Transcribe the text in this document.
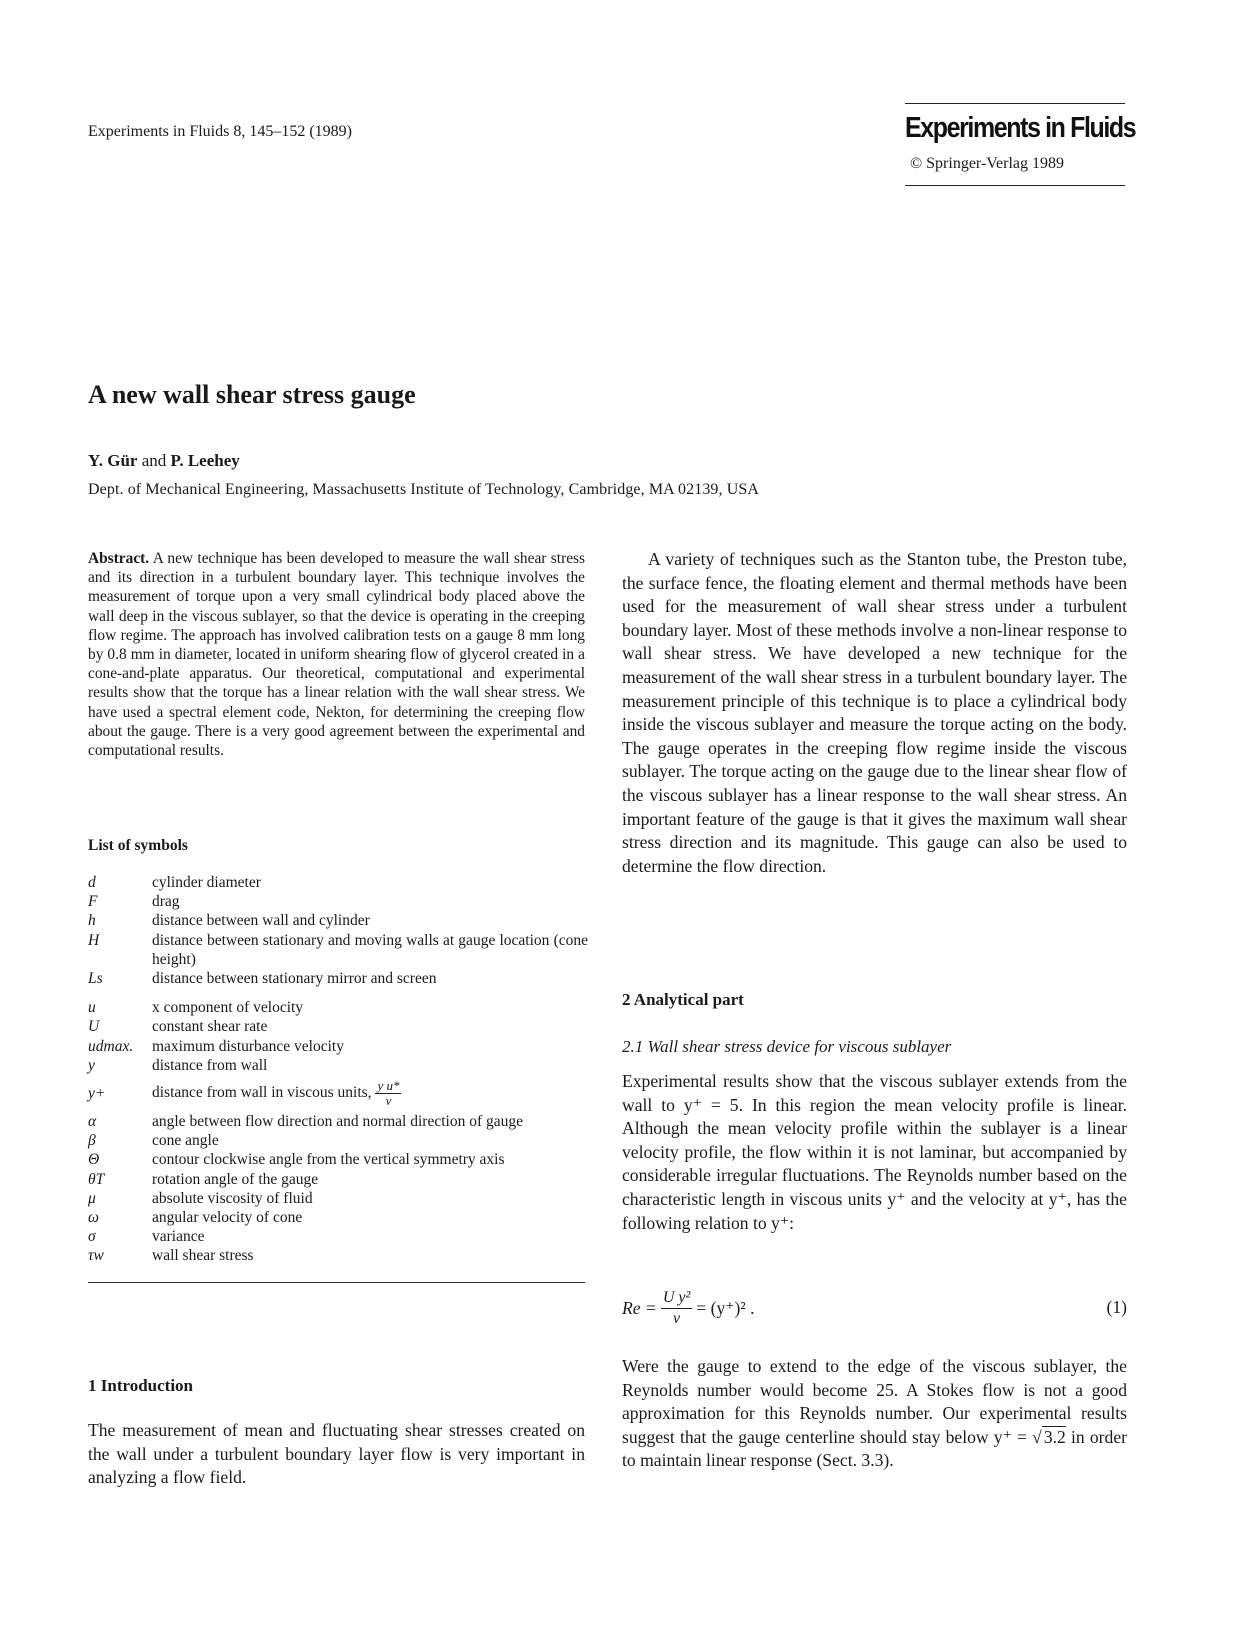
Experiments in Fluids 8, 145–152 (1989)	Experiments in Fluids
© Springer-Verlag 1989
A new wall shear stress gauge
Y. Gür and P. Leehey
Dept. of Mechanical Engineering, Massachusetts Institute of Technology, Cambridge, MA 02139, USA
Abstract. A new technique has been developed to measure the wall shear stress and its direction in a turbulent boundary layer. This technique involves the measurement of torque upon a very small cylindrical body placed above the wall deep in the viscous sublayer, so that the device is operating in the creeping flow regime. The approach has involved calibration tests on a gauge 8 mm long by 0.8 mm in diameter, located in uniform shearing flow of glycerol created in a cone-and-plate apparatus. Our theoretical, computational and experimental results show that the torque has a linear relation with the wall shear stress. We have used a spectral element code, Nekton, for determining the creeping flow about the gauge. There is a very good agreement between the experimental and computational results.
List of symbols
d	cylinder diameter
F	drag
h	distance between wall and cylinder
H	distance between stationary and moving walls at gauge location (cone height)
Ls	distance between stationary mirror and screen
u	x component of velocity
U	constant shear rate
udmax.	maximum disturbance velocity
y	distance from wall
y+	distance from wall in viscous units, $\frac{\text{y u*}}{\nu}$
α	angle between flow direction and normal direction of gauge
β	cone angle
Θ	contour clockwise angle from the vertical symmetry axis
θT	rotation angle of the gauge
μ	absolute viscosity of fluid
ω	angular velocity of cone
σ	variance
τw	wall shear stress
1 Introduction
The measurement of mean and fluctuating shear stresses created on the wall under a turbulent boundary layer flow is very important in analyzing a flow field.
A variety of techniques such as the Stanton tube, the Preston tube, the surface fence, the floating element and thermal methods have been used for the measurement of wall shear stress under a turbulent boundary layer. Most of these methods involve a non-linear response to wall shear stress. We have developed a new technique for the measurement of the wall shear stress in a turbulent boundary layer. The measurement principle of this technique is to place a cylindrical body inside the viscous sublayer and measure the torque acting on the body. The gauge operates in the creeping flow regime inside the viscous sublayer. The torque acting on the gauge due to the linear shear flow of the viscous sublayer has a linear response to the wall shear stress. An important feature of the gauge is that it gives the maximum wall shear stress direction and its magnitude. This gauge can also be used to determine the flow direction.
2 Analytical part
2.1 Wall shear stress device for viscous sublayer
Experimental results show that the viscous sublayer extends from the wall to y⁺ = 5. In this region the mean velocity profile is linear. Although the mean velocity profile within the sublayer is a linear velocity profile, the flow within it is not laminar, but accompanied by considerable irregular fluctuations. The Reynolds number based on the characteristic length in viscous units y⁺ and the velocity at y⁺, has the following relation to y⁺:
$Re = \frac{\text{U y²}}{\nu} = (y^+)^2$ .	(1)
Were the gauge to extend to the edge of the viscous sublayer, the Reynolds number would become 25. A Stokes flow is not a good approximation for this Reynolds number. Our experimental results suggest that the gauge centerline should stay below y⁺ = √ 3.2 in order to maintain linear response (Sect. 3.3).
